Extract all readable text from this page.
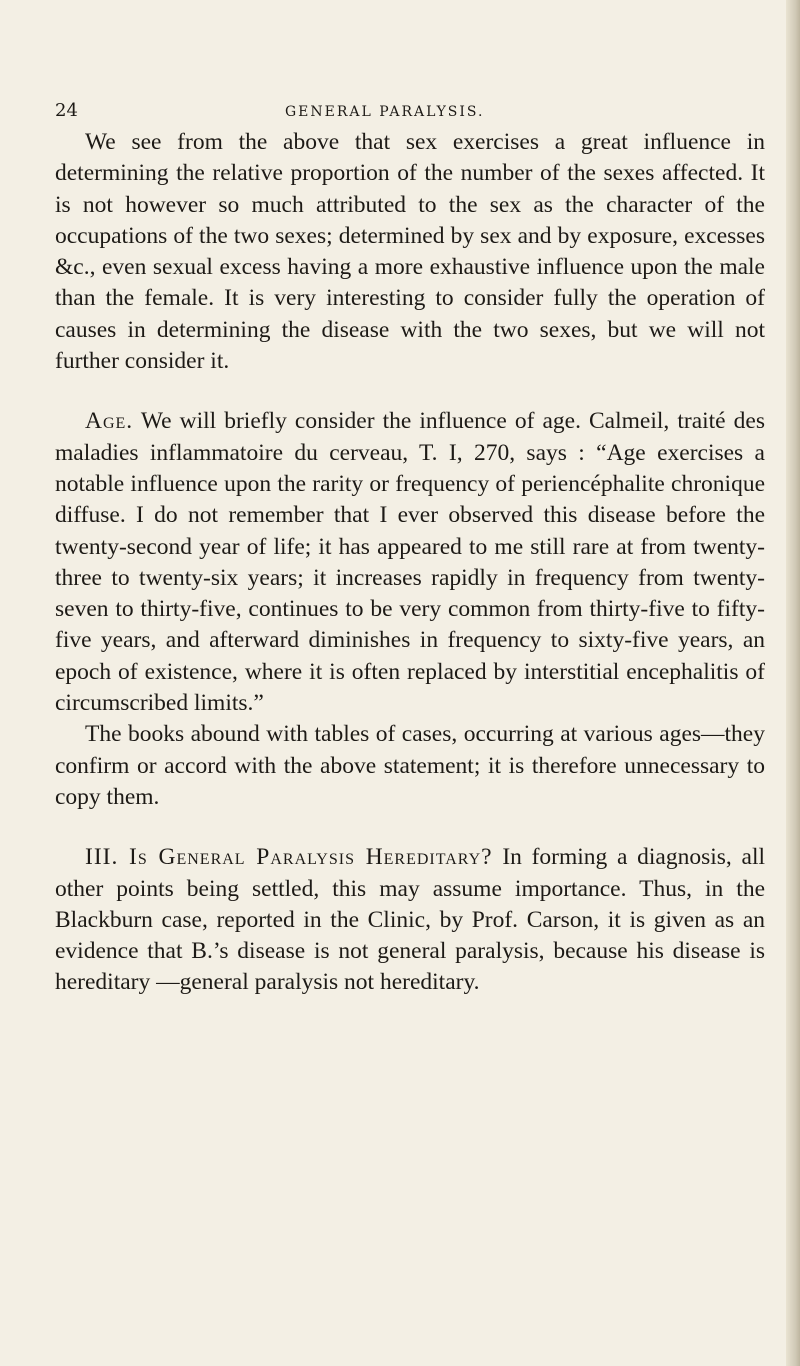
24	GENERAL PARALYSIS.

We see from the above that sex exercises a great influence in determining the relative proportion of the number of the sexes affected. It is not however so much attributed to the sex as the character of the occupations of the two sexes; determined by sex and by exposure, excesses &c., even sexual excess having a more exhaustive influence upon the male than the female. It is very interesting to consider fully the operation of causes in determining the disease with the two sexes, but we will not further consider it.

Age. We will briefly consider the influence of age. Calmeil, traité des maladies inflammatoire du cerveau, T. I, 270, says : “Age exercises a notable influence upon the rarity or frequency of periencéphalite chronique diffuse. I do not remember that I ever observed this disease before the twenty-second year of life; it has appeared to me still rare at from twenty-three to twenty-six years; it increases rapidly in frequency from twenty-seven to thirty-five, continues to be very common from thirty-five to fifty-five years, and afterward diminishes in frequency to sixty-five years, an epoch of existence, where it is often replaced by interstitial encephalitis of circumscribed limits.”

The books abound with tables of cases, occurring at various ages—they confirm or accord with the above statement; it is therefore unnecessary to copy them.

III. Is General Paralysis Hereditary? In forming a diagnosis, all other points being settled, this may assume importance. Thus, in the Blackburn case, reported in the Clinic, by Prof. Carson, it is given as an evidence that B.’s disease is not general paralysis, because his disease is hereditary —general paralysis not hereditary.
